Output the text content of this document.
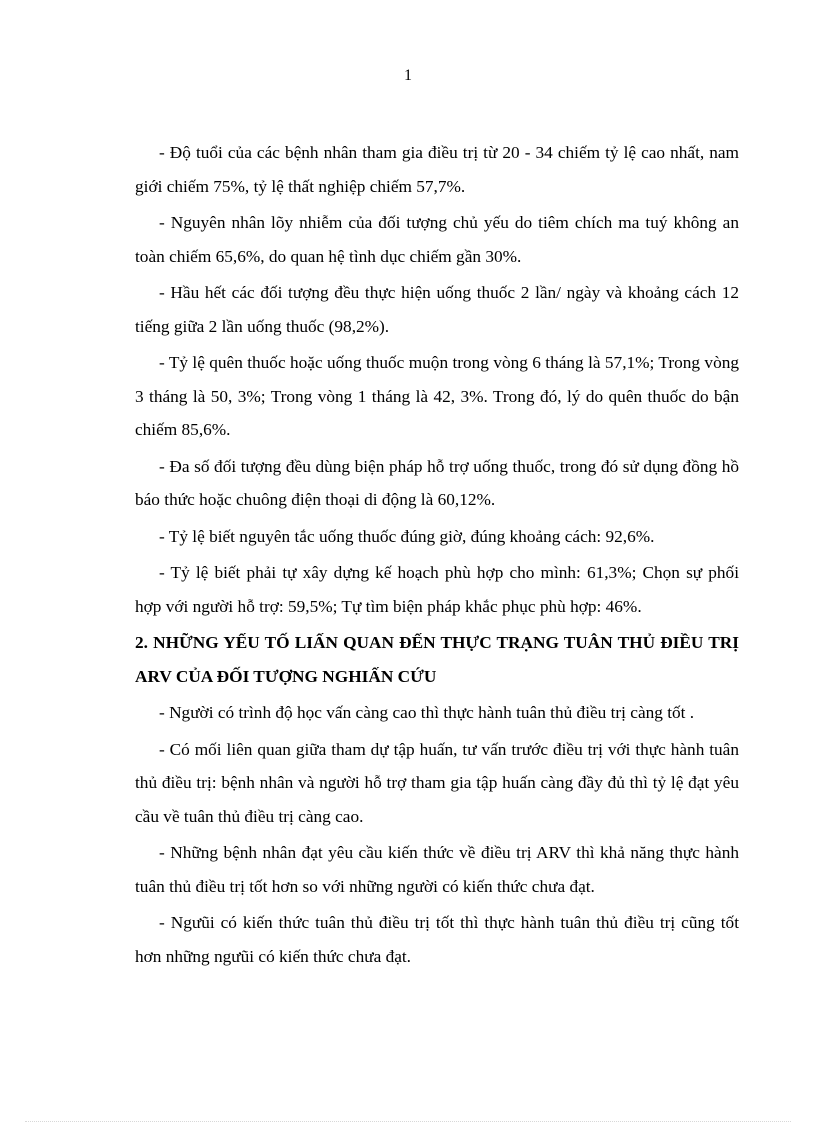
1

- Độ tuổi của các bệnh nhân tham gia điều trị từ 20 - 34 chiếm tỷ lệ cao nhất, nam giới chiếm 75%, tỷ lệ thất nghiệp chiếm 57,7%.

- Nguyên nhân lõy nhiễm của đối tượng chủ yếu do tiêm chích ma tuý không an toàn chiếm 65,6%, do quan hệ tình dục chiếm gần 30%.

- Hầu hết các đối tượng đều thực hiện uống thuốc 2 lần/ ngày và khoảng cách 12 tiếng giữa 2 lần uống thuốc (98,2%).

- Tỷ lệ quên thuốc hoặc uống thuốc muộn trong vòng 6 tháng là 57,1%; Trong vòng 3 tháng là 50, 3%; Trong vòng 1 tháng là 42, 3%. Trong đó, lý do quên thuốc do bận chiếm 85,6%.

- Đa số đối tượng đều dùng biện pháp hỗ trợ uống thuốc, trong đó sử dụng đồng hồ báo thức hoặc chuông điện thoại di động là 60,12%.

- Tỷ lệ biết nguyên tắc uống thuốc đúng giờ, đúng khoảng cách: 92,6%.

- Tỷ lệ biết phải tự xây dựng kế hoạch phù hợp cho mình: 61,3%; Chọn sự phối hợp với người hỗ trợ: 59,5%; Tự tìm biện pháp khắc phục phù hợp: 46%.

2. NHỮNG YẾU TỐ LIẤN QUAN ĐẾN THỰC TRẠNG TUÂN THỦ ĐIỀU TRỊ ARV CỦA ĐỐI TƯỢNG NGHIẤN CỨU

- Người có trình độ học vấn càng cao thì thực hành tuân thủ điều trị càng tốt .

- Có mối liên quan giữa tham dự tập huấn, tư vấn trước điều trị với thực hành tuân thủ điều trị: bệnh nhân và người hỗ trợ tham gia tập huấn càng đầy đủ thì tỷ lệ đạt yêu cầu về tuân thủ điều trị càng cao.

- Những bệnh nhân đạt yêu cầu kiến thức về điều trị ARV thì khả năng thực hành tuân thủ điều trị tốt hơn so với những người có kiến thức chưa đạt.

- Ngưũi có kiến thức tuân thủ điều trị tốt thì thực hành tuân thủ điều trị cũng tốt hơn những ngưũi có kiến thức chưa đạt.
